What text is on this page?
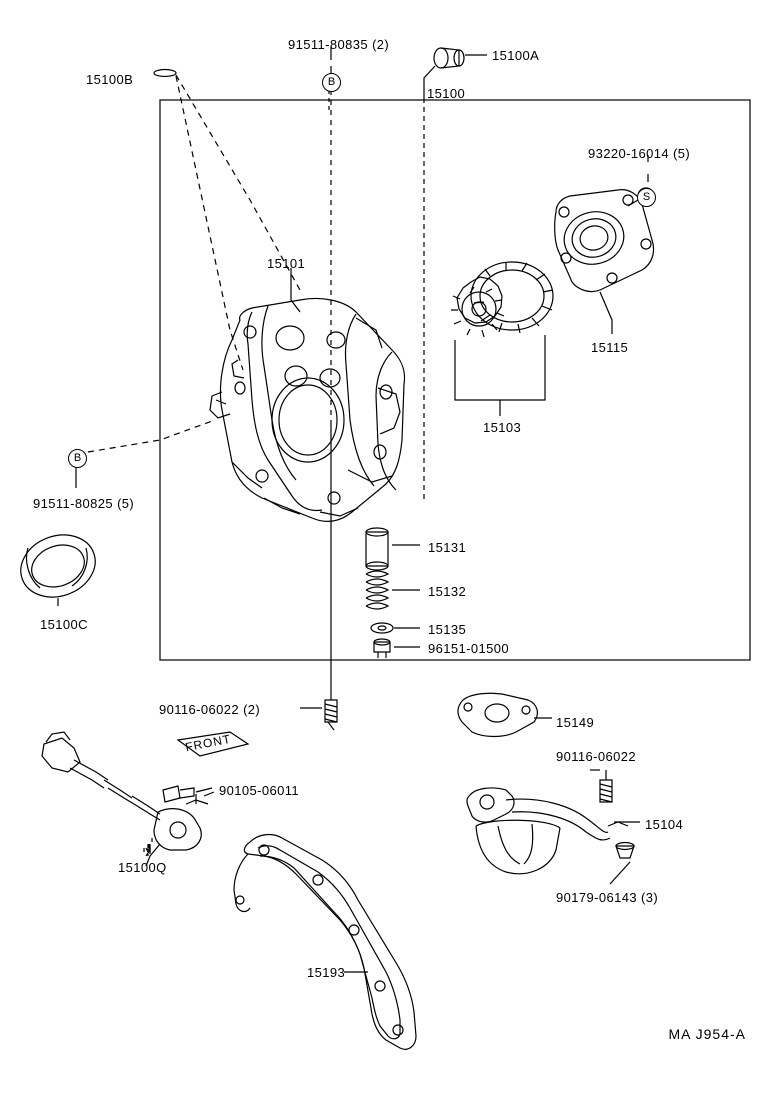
15100B
91511-80835 (2)
15100A
15100
93220-16014 (5)
15101
15115
15103
91511-80825 (5)
15100C
15131
15132
15135
96151-01500
90116-06022 (2)
15149
90116-06022
90105-06011
15104
15100Q
90179-06143 (3)
15193
FRONT
B
S
B
MA J954-A
